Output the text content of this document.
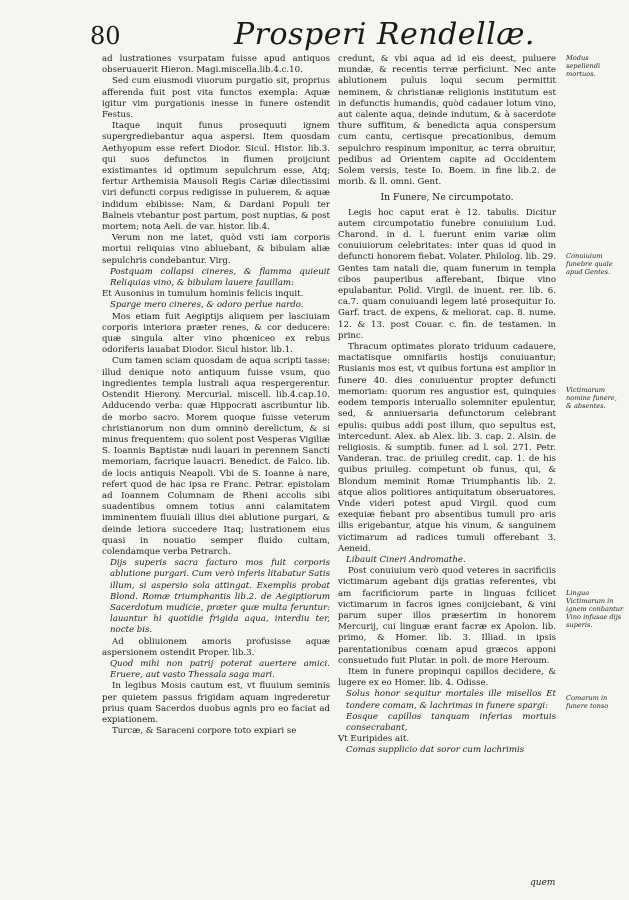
80	Prosperi Rendellæ.

ad lustrationes vsurpatam fuisse apud antiquos obseruauerit Hieron. Magi.miscella.lib.4.c.10.

Sed cum eiusmodi viuorum purgatio sit, proprius afferenda fuit post vita functos exempla: Aquæ igitur vim purgationis inesse in funere ostendit Festus.

Itaque inquit funus prosequuti ignem supergrediebantur aqua aspersi. Item quosdam Aethyopum esse refert Diodor. Sicul. Histor. lib.3. qui suos defunctos in flumen proijciunt existimantes id optimum sepulchrum esse, Atq; fertur Arthemisia Mausoli Regis Cariæ dilectissimi viri defuncti corpus redigisse in puluerem, & aquæ indidum ebibisse: Nam, & Dardani Populi ter Balneis vtebantur post partum, post nuptias, & post mortem; nota Aeli. de var. histor. lib.4.

Verum non me latet, quòd vsti iam corporis mortui reliquias vino abluebant, & bibulam aliæ sepulchris condebantur. Virg.

Postquam collapsi cineres, & flamma quieuit Reliquias vino, & bibulam lauere fauillam:

Et Ausonius in tumulum hominis felicis inquit.

Sparge mero cineres, & odoro perlue nardo.

Mos etiam fuit Aegiptijs aliquem per lasciuiam corporis interiora præter renes, & cor deducere: quæ singula alter vino phœniceo ex rebus odoriferis lauabat Diodor. Sicul histor. lib.1.

Cum tamen sciam quosdam de aqua scripti tasse: illud denique noto antiquum fuisse vsum, quo ingredientes templa lustrali aqua respergerentur. Ostendit Hierony. Mercurial. miscell. lib.4.cap.10. Adducendo verba: quæ Hippocrati ascribuntur lib. de morbo sacro. Morem quoque fuisse veterum christianorum non dum omninò derelictum, & si minus frequentem: quo solent post Vesperas Vigiliæ S. Ioannis Baptistæ nudi lauari in perennem Sancti memoriam, facrique lauacri. Benedict. de Falco. lib. de locis antiquis Neapoli. Vbi de S. Ioanne à nare, refert quod de hac ipsa re Franc. Petrar. epistolam ad Ioannem Columnam de Rheni accolis sibi suadentibus omnem totius anni calamitatem imminentem fluuiali illius diei ablutione purgari, & deinde letiora succedere Itaq; lustrationem eius quasi in nouatio semper fluido cultam, colendamque verba Petrarch.

Dijs superis sacra facturo mos fuit corporis ablutione purgari. Cum verò inferis litabatur Satis illum, si aspersio sola attingat. Exemplis probat Blond. Romæ triumphantis lib.2. de Aegiptiorum Sacerdotum mudicie, præter quæ multa feruntur: lauantur hi quotidie frigida aqua, interdiu ter, nocte bis.

Ad obliuionem amoris profusisse aquæ aspersionem ostendit Proper. lib.3.

Quod mihi non patrij poterat auertere amici. Eruere, aut vasto Thessala saga mari.

In legibus Mosis cautum est, vt fluuium seminis per quietem passus frigidam aquam ingrederetur prius quam Sacerdos duobus agnis pro eo faciat ad expiationem.

Turcæ, & Saraceni corpore toto expiari se

credunt, & vbi aqua ad id eis deest, puluere mundæ, & recentis terræ perficiunt. Nec ante ablutionem puluis loqui secum permittit neminem, & christianæ religionis institutum est in defunctis humandis, quòd cadauer lotum vino, aut calente aqua, deinde indutum, & à sacerdote thure suffitum, & benedicta aqua conspersum cum cantu, certisque precationibus, demum sepulchro respinum imponitur, ac terra obruitur, pedibus ad Orientem capite ad Occidentem Solem versis, teste Io. Boem. in fine lib.2. de morib. & ll. omni. Gent.

In Funere, Ne circumpotato.

Legis hoc caput erat è 12. tabulis. Dicitur autem circumpotatio funebre conuiuium Lud. Charond. in d. l. fuerunt enim variæ olim conuiuiorum celebritates: inter quas id quod in defuncti honorem fiebat. Volater. Philolog. lib. 29. Gentes tam natali die, quam funerum in templa cibos pauperibus afferebant, Ibique vino epulabantur. Polid. Virgil. de inuent. rer. lib. 6. ca.7. quam conuiuandi legem laté prosequitur Io. Garf. tract. de expens, & meliorat. cap. 8. nume. 12. & 13. post Couar. c. fin. de testamen. in princ.

Thracum optimates plorato triduum cadauere, mactatisque omnifariis hostijs conuiuantur; Rusianis mos est, vt quibus fortuna est amplior in funere 40. dies conuiuentur propter defuncti memoriam: quorum res angustior est, quinquies eodem temporis interuallo solemniter epulentur, sed, & anniuersaria defunctorum celebrant epulis: quibus addi post illum, quo sepultus est, intercedunt. Alex. ab Alex. lib. 3. cap. 2. Alsin. de religiosis. & sumptib. funer. ad l. sol. 271. Petr. Vanderan. trac. de priuileg credit. cap. 1. de his quibus priuileg. competunt ob funus, qui, & Blondum meminit Romæ Triumphantis lib. 2. atque alios politiores antiquitatum obseruatores. Vnde videri potest apud Virgil. quod cum exequiæ fiebant pro absentibus tumuli pro aris illis erigebantur, atque his vinum, & sanguinem victimarum ad radices tumuli offerebant 3. Aeneid.

Libauit Cineri Andromathe.

Post conuiuium verò quod veteres in sacrificiis victimarum agebant dijs gratias referentes, vbi am facrificiorum parte in linguas fcilicet victimarum in facros ignes conijciebant, & vini parum super illos præsertim in honorem Mercurij, cui linguæ erant facræ ex Apolon. lib. primo, & Homer. lib. 3. Illiad. in ipsis parentationibus cœnam apud græcos apponi consuetudo fuit Plutar. in poli. de more Heroum.

Item in funere propinqui capillos decidere, & lugere ex eo Homer. lib. 4. Odisse.

Solus honor sequitur mortales ille misellos Et tondere comam, & lachrimas in funere spargi:

Eosque capillos tanquam inferias mortuis consecrabant,

Vt Euripides ait.

Comas supplicio dat soror cum lachrimis

Modus sepeliendi mortuos.
Conuiuium funebre quale apud Gentes.
Victimarum nomine funere, & absentes.
Lingua Victimarum in ignem conbantur Vino infusae dijs superis.
Comarum in funere tonso
quem
